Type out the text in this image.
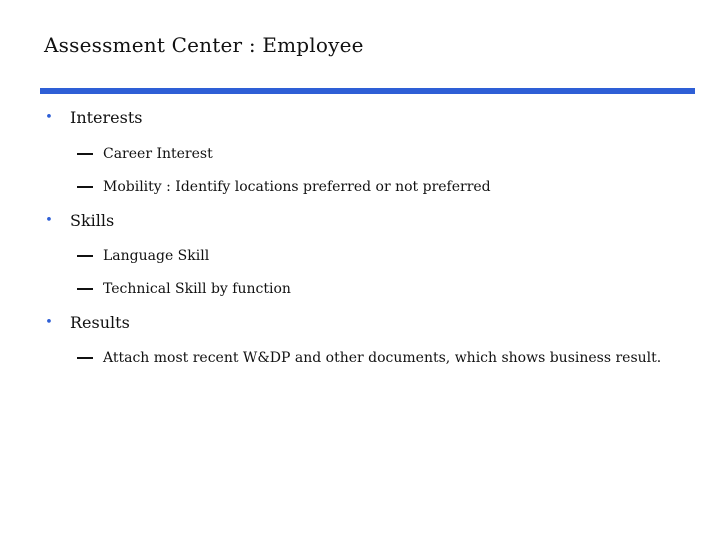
Assessment Center : Employee
• Interests
Career Interest
Mobility : Identify locations preferred or not preferred
• Skills
Language Skill
Technical Skill by function
• Results
Attach most recent W&DP and other documents, which shows business result.
